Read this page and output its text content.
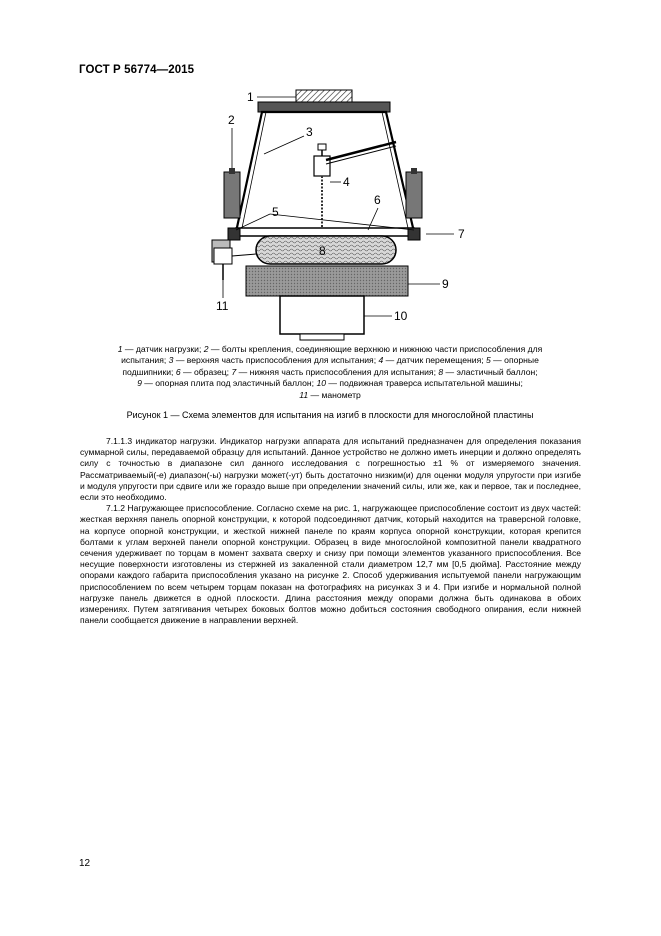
ГОСТ Р 56774—2015
1
2
3
4
5
6
7
8
9
10
11
1 — датчик нагрузки; 2 — болты крепления, соединяющие верхнюю и нижнюю части приспособления для испытания; 3 — верхняя часть приспособления для испытания; 4 — датчик перемещения; 5 — опорные подшипники; 6 — образец; 7 — нижняя часть приспособления для испытания; 8 — эластичный баллон;
9 — опорная плита под эластичный баллон; 10 — подвижная траверса испытательной машины;
11 — манометр
Рисунок 1 — Схема элементов для испытания на изгиб в плоскости для многослойной пластины

7.1.1.3 индикатор нагрузки. Индикатор нагрузки аппарата для испытаний предназначен для определения показания суммарной силы, передаваемой образцу для испытаний. Данное устройство не должно иметь инерции и должно определять силу с точностью в диапазоне сил данного исследования с погрешностью ±1 % от измеряемого значения. Рассматриваемый(-е) диапазон(-ы) нагрузки может(-ут) быть достаточно низким(и) для оценки модуля упругости при изгибе и модуля упругости при сдвиге или же гораздо выше при определении значений силы, или же, как и первое, так и последнее, если это необходимо.

7.1.2 Нагружающее приспособление. Согласно схеме на рис. 1, нагружающее приспособление состоит из двух частей: жесткая верхняя панель опорной конструкции, к которой подсоединяют датчик, который находится на траверсной головке, на корпусе опорной конструкции, и жесткой нижней панеле по краям корпуса опорной конструкции, которая крепится болтами к углам верхней панели опорной конструкции. Образец в виде многослойной композитной панели квадратного сечения удерживает по торцам в момент захвата сверху и снизу при помощи элементов указанного приспособления. Все несущие поверхности изготовлены из стержней из закаленной стали диаметром 12,7 мм [0,5 дюйма]. Расстояние между опорами каждого габарита приспособления указано на рисунке 2. Способ удерживания испытуемой панели нагружающим приспособлением по всем четырем торцам показан на фотографиях на рисунках 3 и 4. При изгибе и нормальной полной нагрузке панель движется в одной плоскости. Длина расстояния между опорами должна быть одинакова в обоих измерениях. Путем затягивания четырех боковых болтов можно добиться состояния свободного опирания, если нижней панели сообщается движение в направлении верхней.

12
